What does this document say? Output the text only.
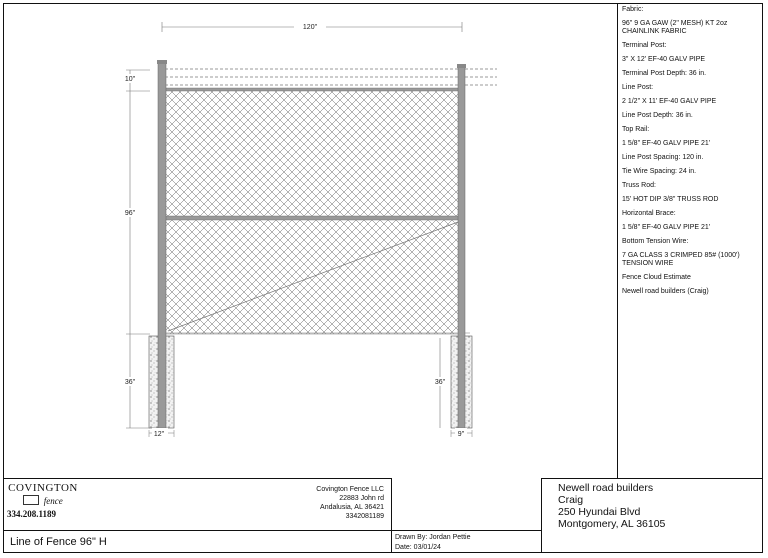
120"
10"
96"
36"	36"
12"	9"
Fabric:
96" 9 GA GAW (2" MESH) KT 2oz
CHAINLINK FABRIC
Terminal Post:
3" X 12' EF-40 GALV PIPE
Terminal Post Depth: 36 in.
Line Post:
2 1/2" X 11' EF-40 GALV PIPE
Line Post Depth: 36 in.
Top Rail:
1 5/8" EF-40 GALV PIPE 21'
Line Post Spacing: 120 in.
Tie Wire Spacing: 24 in.
Truss Rod:
15' HOT DIP 3/8" TRUSS ROD
Horizontal Brace:
1 5/8" EF-40 GALV PIPE 21'
Bottom Tension Wire:
7 GA CLASS 3 CRIMPED 85# (1000')
TENSION WIRE
Fence Cloud Estimate
Newell road builders (Craig)
COVINGTON
fence
334.208.1189
Covington Fence LLC
22883 John rd
Andalusia, AL 36421
3342081189
Newell road builders
Craig
250 Hyundai Blvd
Montgomery, AL 36105
Line of Fence 96" H	Drawn By: Jordan Pettie
Date: 03/01/24
